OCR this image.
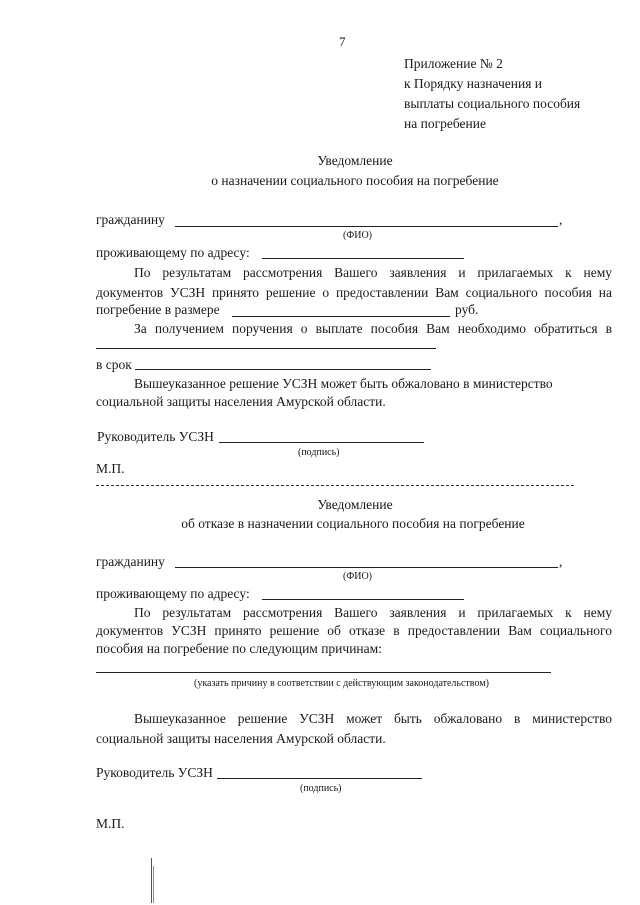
7
Приложение № 2
к Порядку назначения и
выплаты социального пособия
на погребение
Уведомление
о назначении социального пособия на погребение
гражданину	,
(ФИО)
проживающему по адресу:
По результатам рассмотрения Вашего заявления и прилагаемых к нему
документов УСЗН принято решение о предоставлении Вам социального пособия на
погребение в размере	руб.
За получением поручения о выплате пособия Вам необходимо обратиться в
в срок
Вышеуказанное решение УСЗН может быть обжаловано в министерство
социальной защиты населения Амурской области.
Руководитель УСЗН
(подпись)
М.П.
Уведомление
об отказе в назначении социального пособия на погребение
гражданину	,
(ФИО)
проживающему по адресу:
По результатам рассмотрения Вашего заявления и прилагаемых к нему
документов УСЗН принято решение об отказе в предоставлении Вам социального
пособия на погребение по следующим причинам:
(указать причину в соответствии с действующим законодательством)
Вышеуказанное решение УСЗН может быть обжаловано в министерство
социальной защиты населения Амурской области.
Руководитель УСЗН
(подпись)
М.П.
